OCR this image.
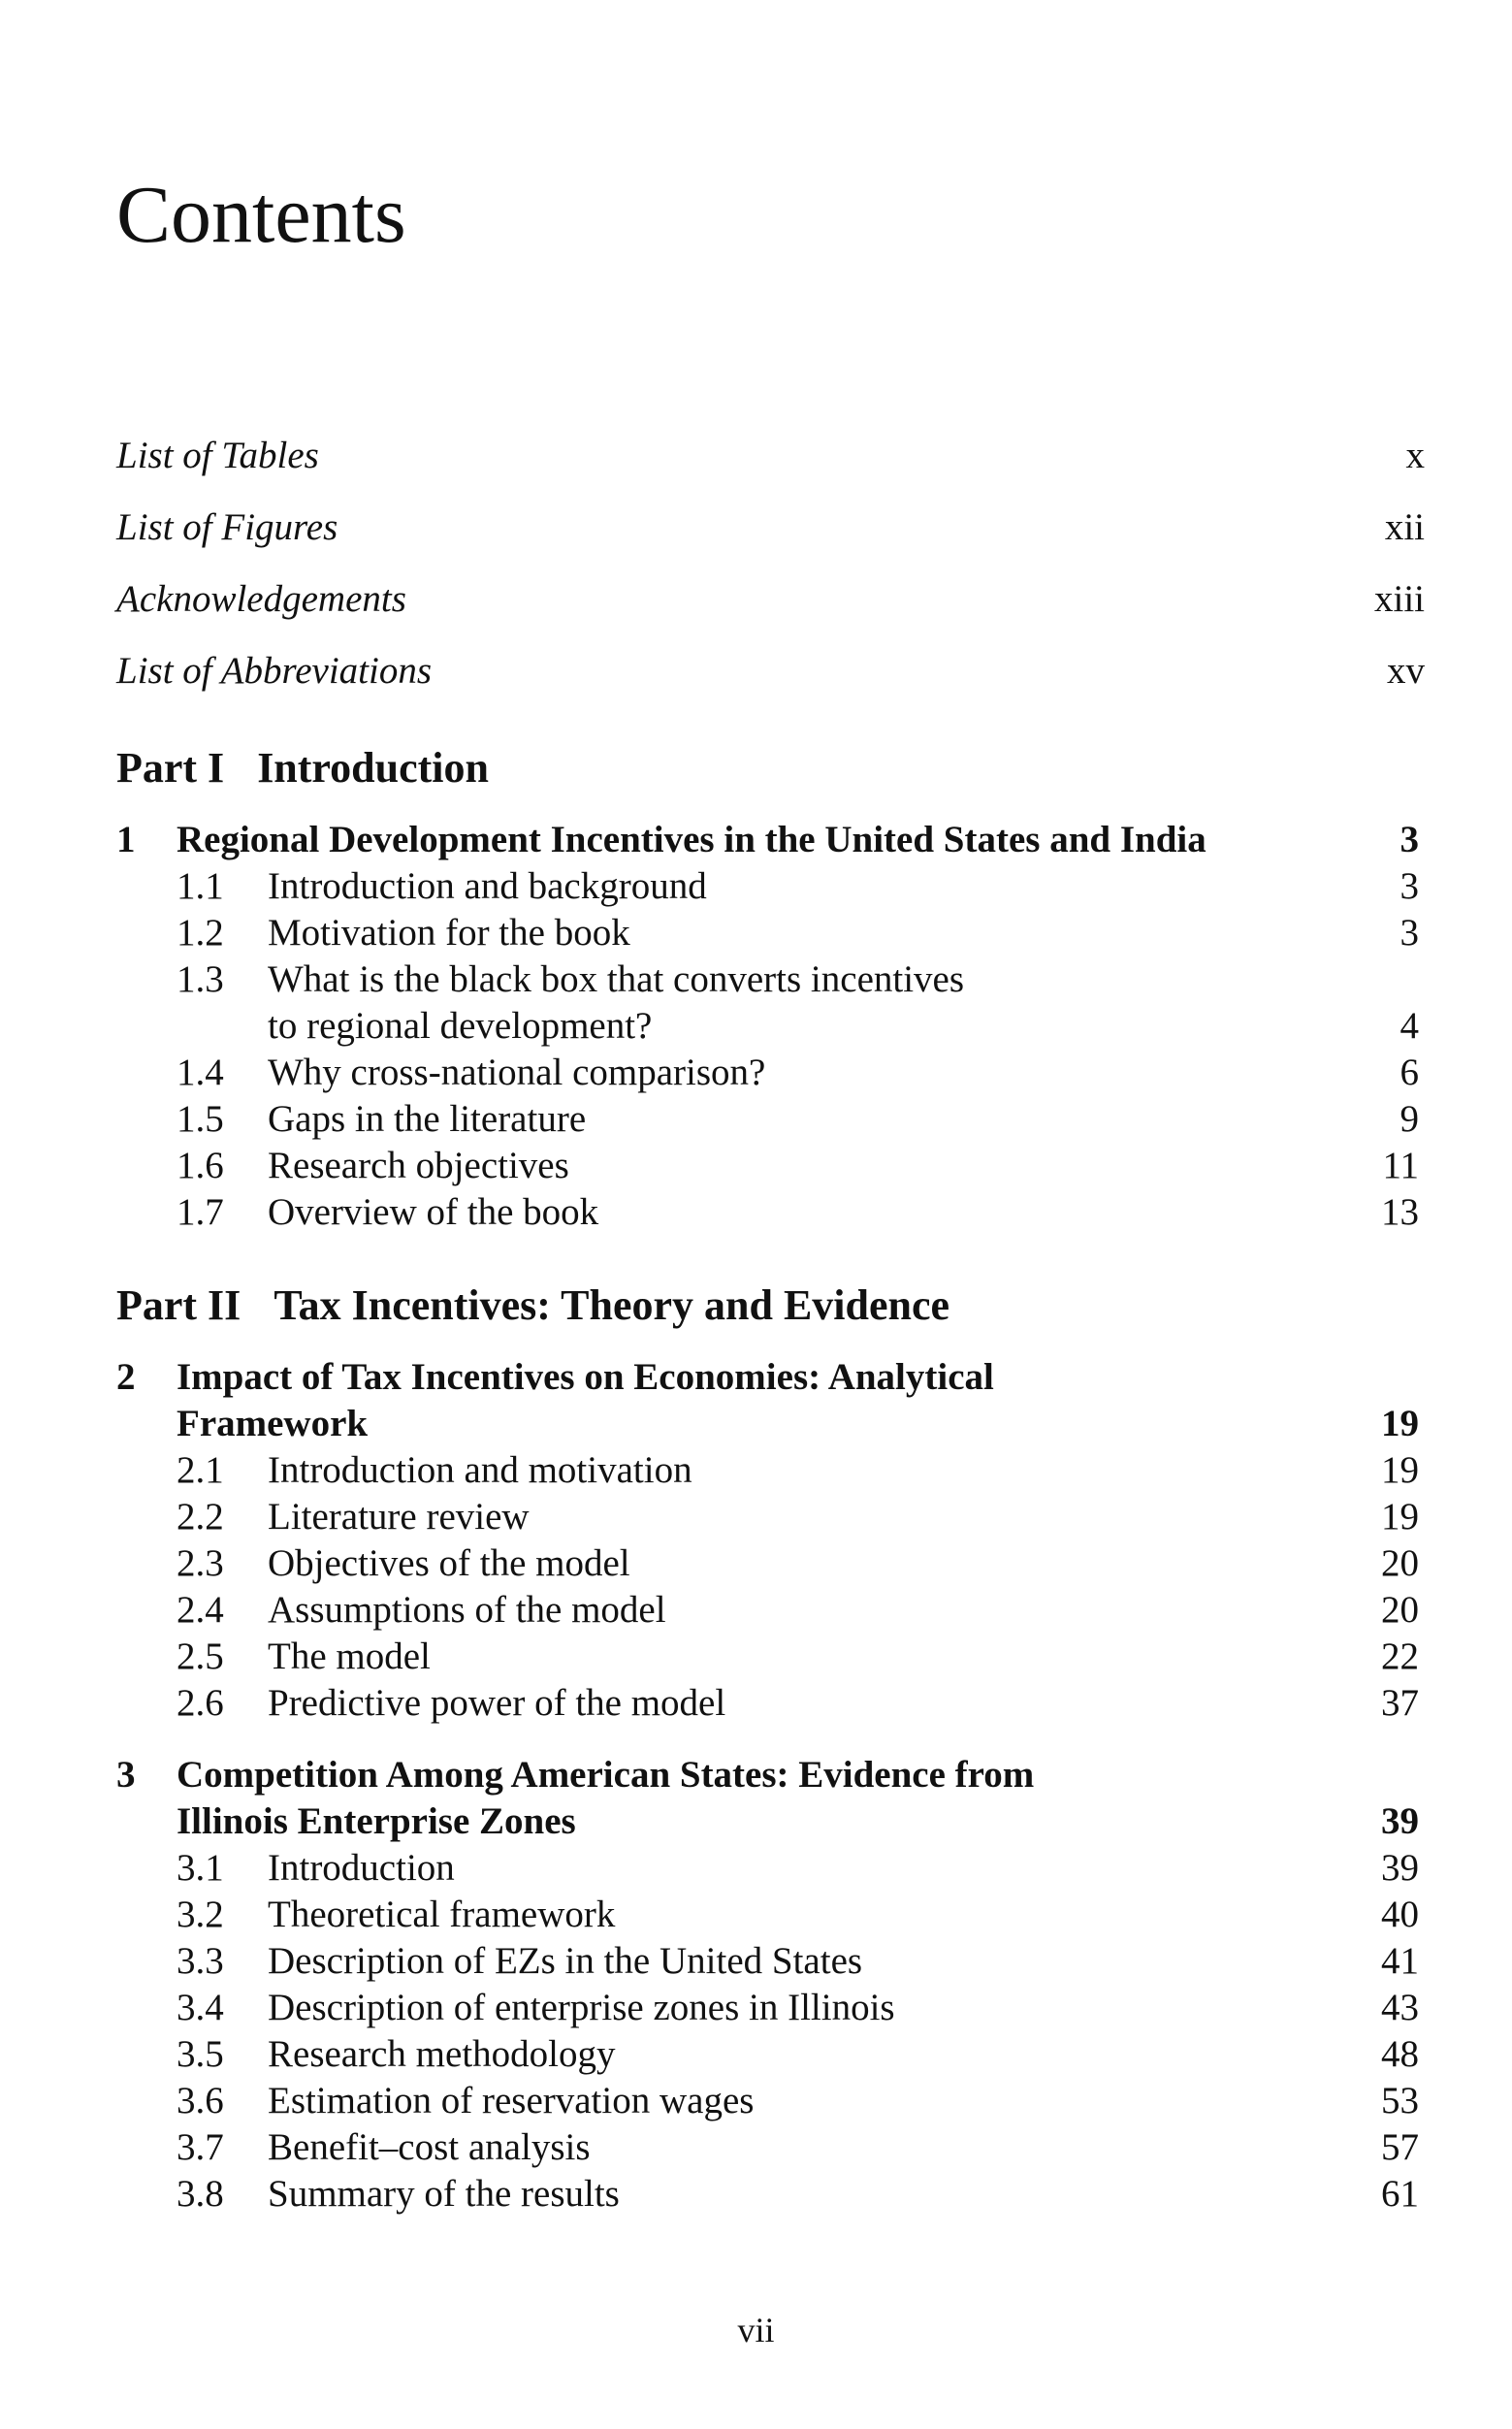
Contents
List of Tables	x
List of Figures	xii
Acknowledgements	xiii
List of Abbreviations	xv
Part I Introduction
1 Regional Development Incentives in the United States and India	3
1.1 Introduction and background	3
1.2 Motivation for the book	3
1.3 What is the black box that converts incentives
to regional development?	4
1.4 Why cross-national comparison?	6
1.5 Gaps in the literature	9
1.6 Research objectives	11
1.7 Overview of the book	13
Part II Tax Incentives: Theory and Evidence
2 Impact of Tax Incentives on Economies: Analytical
Framework	19
2.1 Introduction and motivation	19
2.2 Literature review	19
2.3 Objectives of the model	20
2.4 Assumptions of the model	20
2.5 The model	22
2.6 Predictive power of the model	37
3 Competition Among American States: Evidence from
Illinois Enterprise Zones	39
3.1 Introduction	39
3.2 Theoretical framework	40
3.3 Description of EZs in the United States	41
3.4 Description of enterprise zones in Illinois	43
3.5 Research methodology	48
3.6 Estimation of reservation wages	53
3.7 Benefit–cost analysis	57
3.8 Summary of the results	61
vii
